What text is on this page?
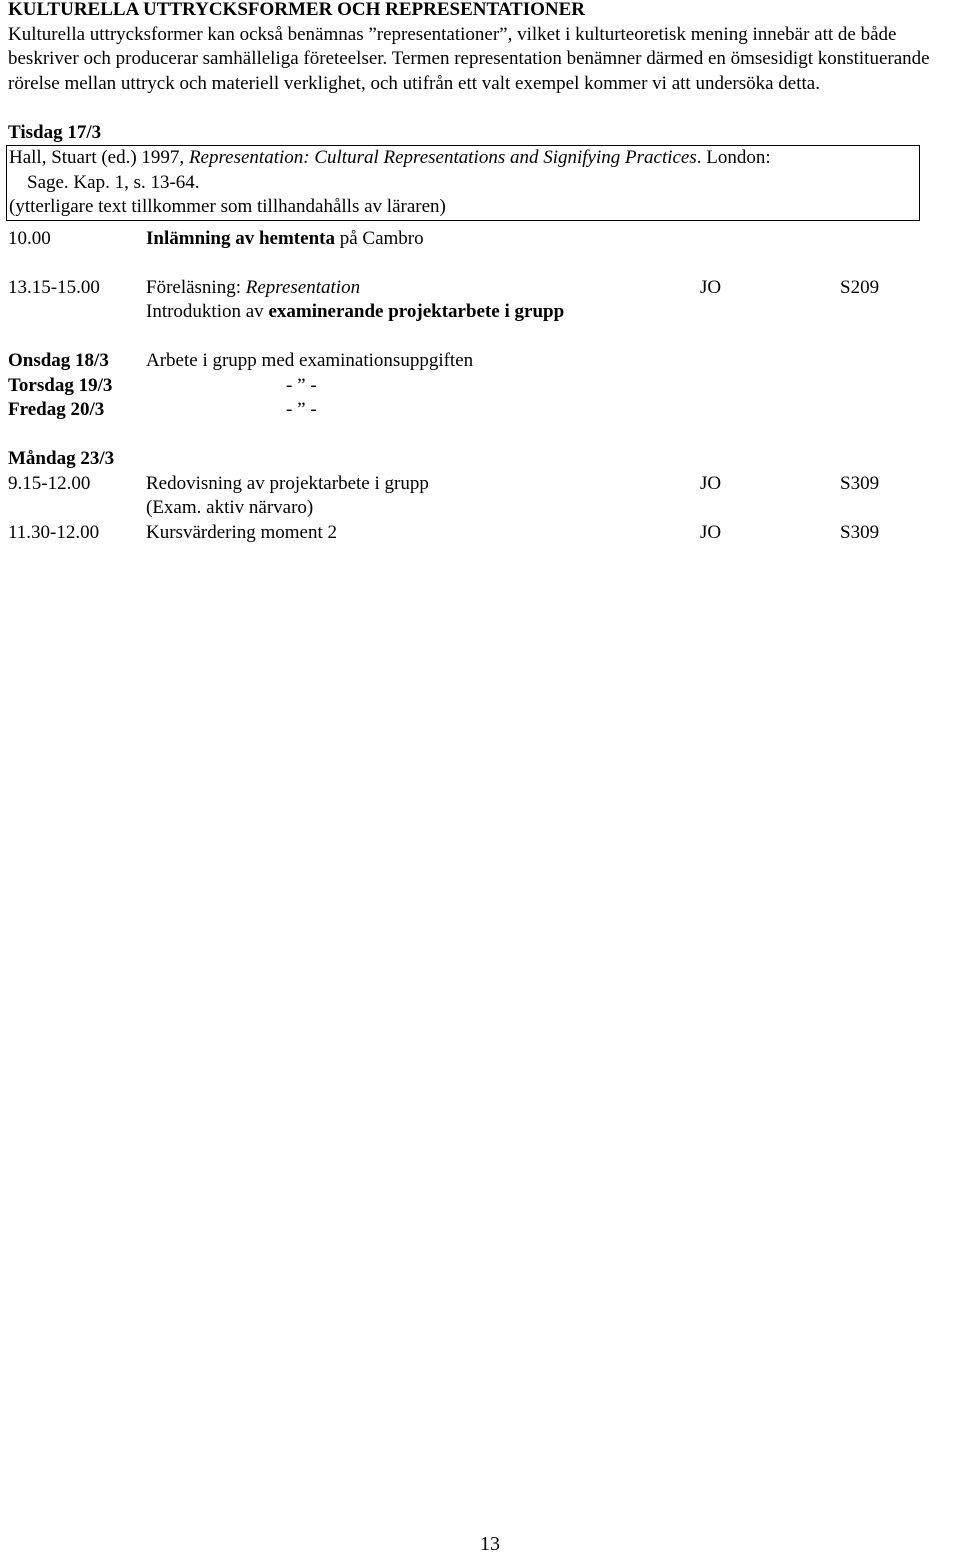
KULTURELLA UTTRYCKSFORMER OCH REPRESENTATIONER

Kulturella uttrycksformer kan också benämnas ”representationer”, vilket i kulturteoretisk mening innebär att de både beskriver och producerar samhälleliga företeelser. Termen representation benämner därmed en ömsesidigt konstituerande rörelse mellan uttryck och materiell verklighet, och utifrån ett valt exempel kommer vi att undersöka detta.

Tisdag 17/3

Hall, Stuart (ed.) 1997, Representation: Cultural Representations and Signifying Practices. London:

Sage. Kap. 1, s. 13-64.

(ytterligare text tillkommer som tillhandahålls av läraren)

10.00	Inlämning av hemtenta på Cambro
13.15-15.00 Föreläsning: Representation	JO	S209
Introduktion av examinerande projektarbete i grupp
Onsdag 18/3 Arbete i grupp med examinationsuppgiften
Torsdag 19/3	- ” -
Fredag 20/3	- ” -

Måndag 23/3

9.15-12.00	Redovisning av projektarbete i grupp	JO	S309
(Exam. aktiv närvaro)
11.30-12.00 Kursvärdering moment 2	JO	S309
13
